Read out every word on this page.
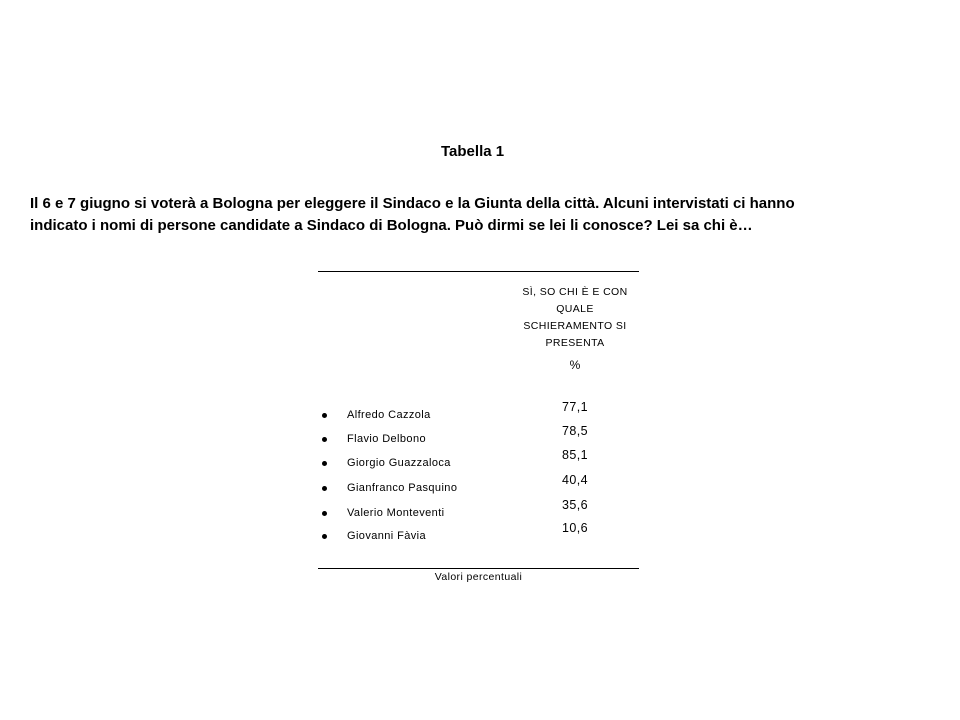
Tabella 1
Il 6 e 7 giugno si voterà a Bologna per eleggere il Sindaco e la Giunta della città. Alcuni intervistati ci hanno
indicato i nomi di persone candidate a Sindaco di Bologna. Può dirmi se lei li conosce? Lei sa chi è…
SÌ, SO CHI È E CON
QUALE
SCHIERAMENTO SI
PRESENTA
%
Alfredo Cazzola
77,1
Flavio Delbono
78,5
Giorgio Guazzaloca
85,1
Gianfranco Pasquino
40,4
Valerio Monteventi
35,6
Giovanni Fàvia
10,6
Valori percentuali
